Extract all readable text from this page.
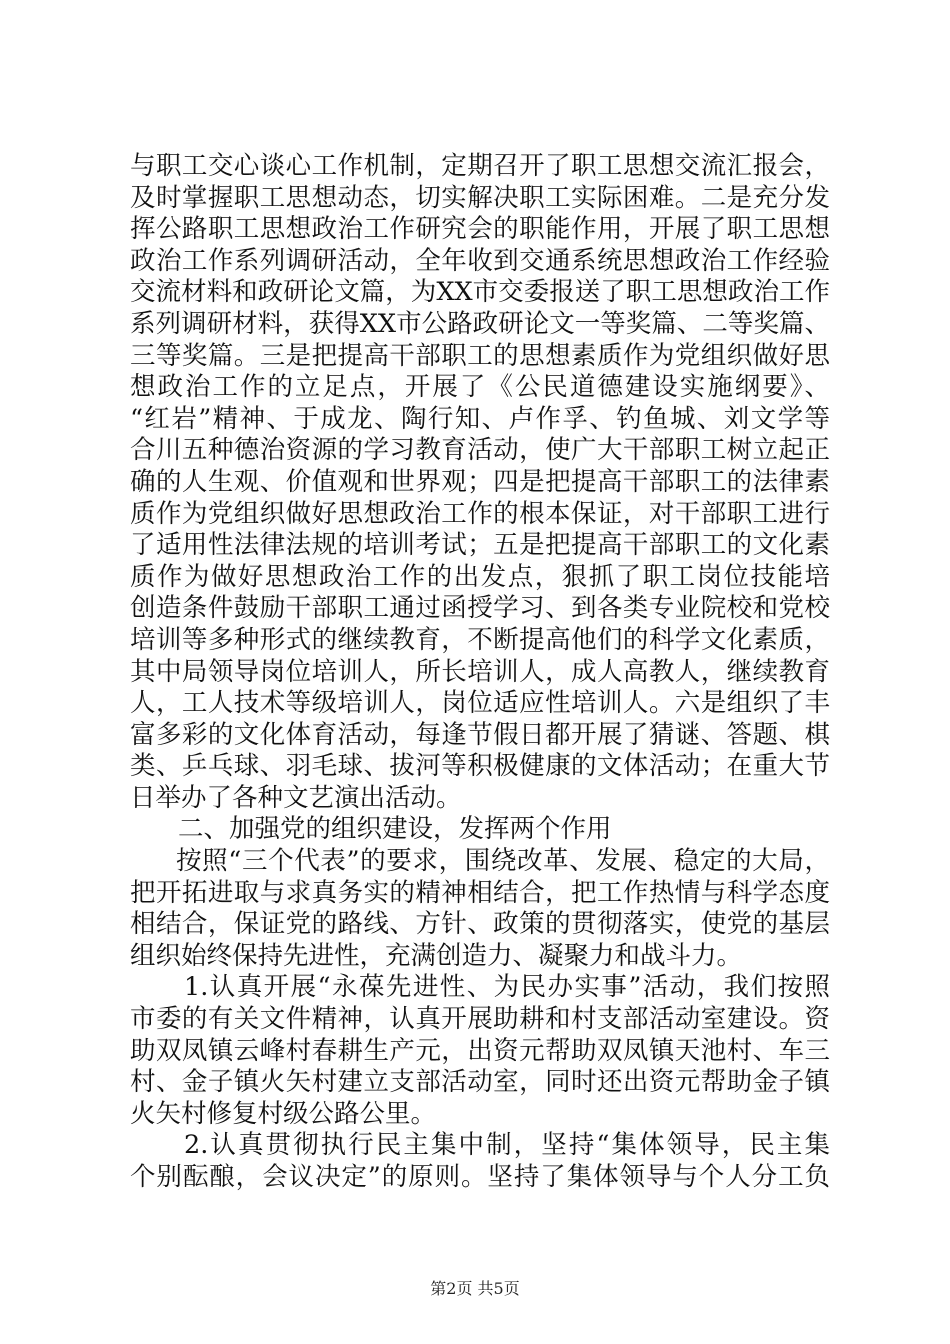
与职工交心谈心工作机制，定期召开了职工思想交流汇报会，
及时掌握职工思想动态，切实解决职工实际困难。二是充分发
挥公路职工思想政治工作研究会的职能作用，开展了职工思想
政治工作系列调研活动，全年收到交通系统思想政治工作经验
交流材料和政研论文篇，为XX市交委报送了职工思想政治工作
系列调研材料，获得XX市公路政研论文一等奖篇、二等奖篇、
三等奖篇。三是把提高干部职工的思想素质作为党组织做好思
想政治工作的立足点，开展了《公民道德建设实施纲要》、
“红岩”精神、于成龙、陶行知、卢作孚、钓鱼城、刘文学等
合川五种德治资源的学习教育活动，使广大干部职工树立起正
确的人生观、价值观和世界观；四是把提高干部职工的法律素
质作为党组织做好思想政治工作的根本保证，对干部职工进行
了适用性法律法规的培训考试；五是把提高干部职工的文化素
质作为做好思想政治工作的出发点，狠抓了职工岗位技能培
创造条件鼓励干部职工通过函授学习、到各类专业院校和党校
培训等多种形式的继续教育，不断提高他们的科学文化素质，
其中局领导岗位培训人，所长培训人，成人高教人，继续教育
人，工人技术等级培训人，岗位适应性培训人。六是组织了丰
富多彩的文化体育活动，每逢节假日都开展了猜谜、答题、棋
类、乒乓球、羽毛球、拔河等积极健康的文体活动；在重大节
日举办了各种文艺演出活动。
二、加强党的组织建设，发挥两个作用
按照“三个代表”的要求，围绕改革、发展、稳定的大局，
把开拓进取与求真务实的精神相结合，把工作热情与科学态度
相结合，保证党的路线、方针、政策的贯彻落实，使党的基层
组织始终保持先进性，充满创造力、凝聚力和战斗力。
1.认真开展“永葆先进性、为民办实事”活动，我们按照
市委的有关文件精神，认真开展助耕和村支部活动室建设。资
助双凤镇云峰村春耕生产元，出资元帮助双凤镇天池村、车三
村、金子镇火矢村建立支部活动室，同时还出资元帮助金子镇
火矢村修复村级公路公里。
2.认真贯彻执行民主集中制，坚持“集体领导，民主集
个别酝酿，会议决定”的原则。坚持了集体领导与个人分工负
第2页 共5页
